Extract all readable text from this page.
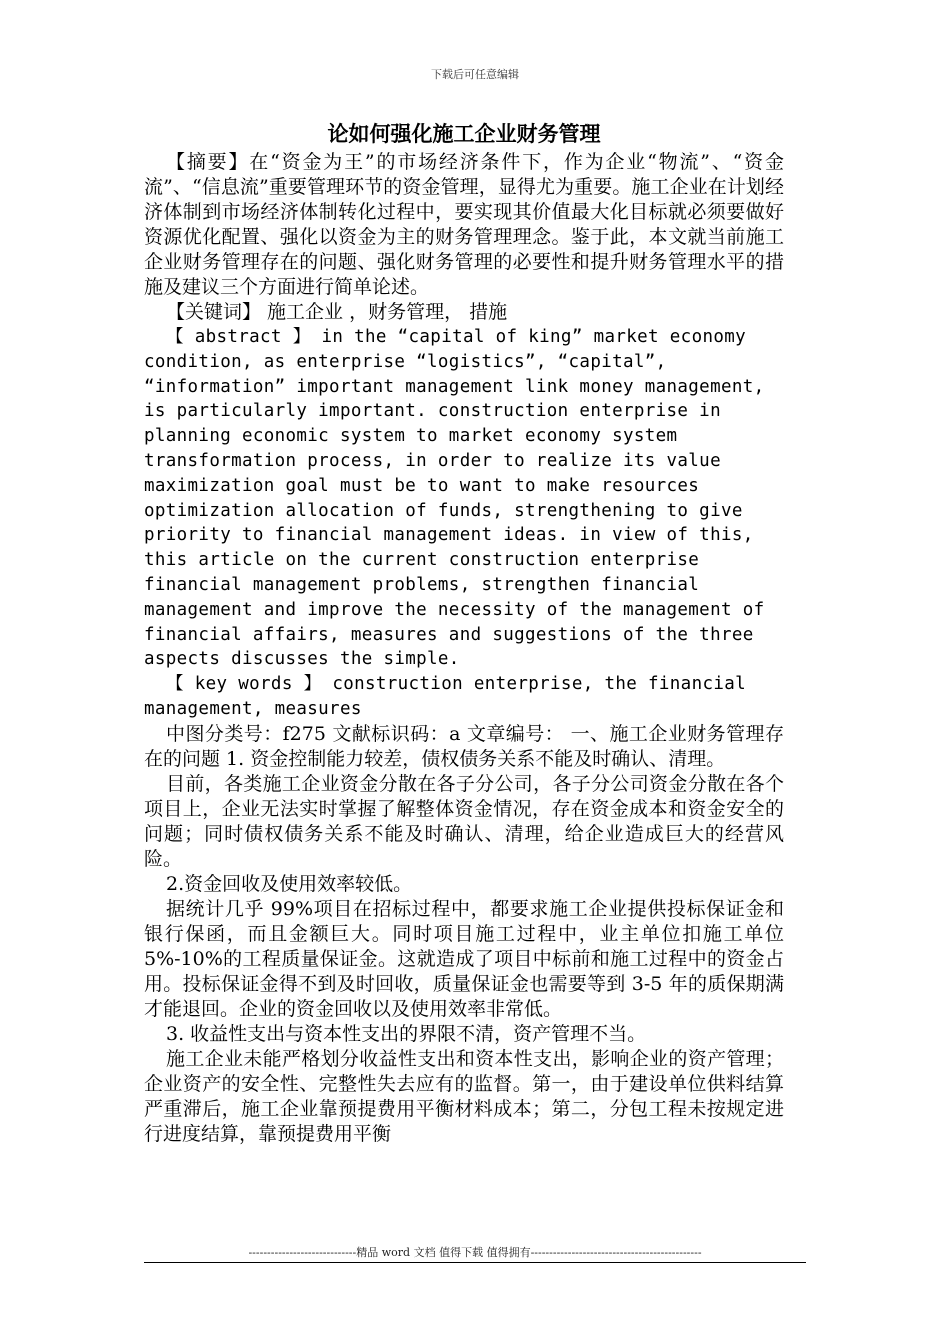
下载后可任意编辑
论如何强化施工企业财务管理

【摘要】在“资金为王”的市场经济条件下，作为企业“物流”、“资金流”、“信息流”重要管理环节的资金管理，显得尤为重要。施工企业在计划经济体制到市场经济体制转化过程中，要实现其价值最大化目标就必须要做好资源优化配置、强化以资金为主的财务管理理念。鉴于此，本文就当前施工企业财务管理存在的问题、强化财务管理的必要性和提升财务管理水平的措施及建议三个方面进行简单论述。

【关键词】 施工企业 ，财务管理， 措施

【 abstract 】 in the “capital of king” market economy condition, as enterprise “logistics”, “capital”, “information” important management link money management, is particularly important. construction enterprise in planning economic system to market economy system transformation process, in order to realize its value maximization goal must be to want to make resources optimization allocation of funds, strengthening to give priority to financial management ideas. in view of this, this article on the current construction enterprise financial management problems, strengthen financial management and improve the necessity of the management of financial affairs, measures and suggestions of the three aspects discusses the simple.

【 key words 】 construction enterprise, the financial management, measures

中图分类号：f275 文献标识码：a 文章编号： 一、施工企业财务管理存在的问题 1. 资金控制能力较差，债权债务关系不能及时确认、清理。

目前，各类施工企业资金分散在各子分公司，各子分公司资金分散在各个项目上，企业无法实时掌握了解整体资金情况，存在资金成本和资金安全的问题；同时债权债务关系不能及时确认、清理，给企业造成巨大的经营风险。

2.资金回收及使用效率较低。

据统计几乎 99%项目在招标过程中，都要求施工企业提供投标保证金和银行保函，而且金额巨大。同时项目施工过程中，业主单位扣施工单位 5%-10%的工程质量保证金。这就造成了项目中标前和施工过程中的资金占用。投标保证金得不到及时回收，质量保证金也需要等到 3-5 年的质保期满才能退回。企业的资金回收以及使用效率非常低。

3. 收益性支出与资本性支出的界限不清，资产管理不当。

施工企业未能严格划分收益性支出和资本性支出，影响企业的资产管理；企业资产的安全性、完整性失去应有的监督。第一，由于建设单位供料结算严重滞后，施工企业靠预提费用平衡材料成本；第二，分包工程未按规定进行进度结算，靠预提费用平衡

-----------------------------精品 word 文档 值得下载 值得拥有----------------------------------------------
